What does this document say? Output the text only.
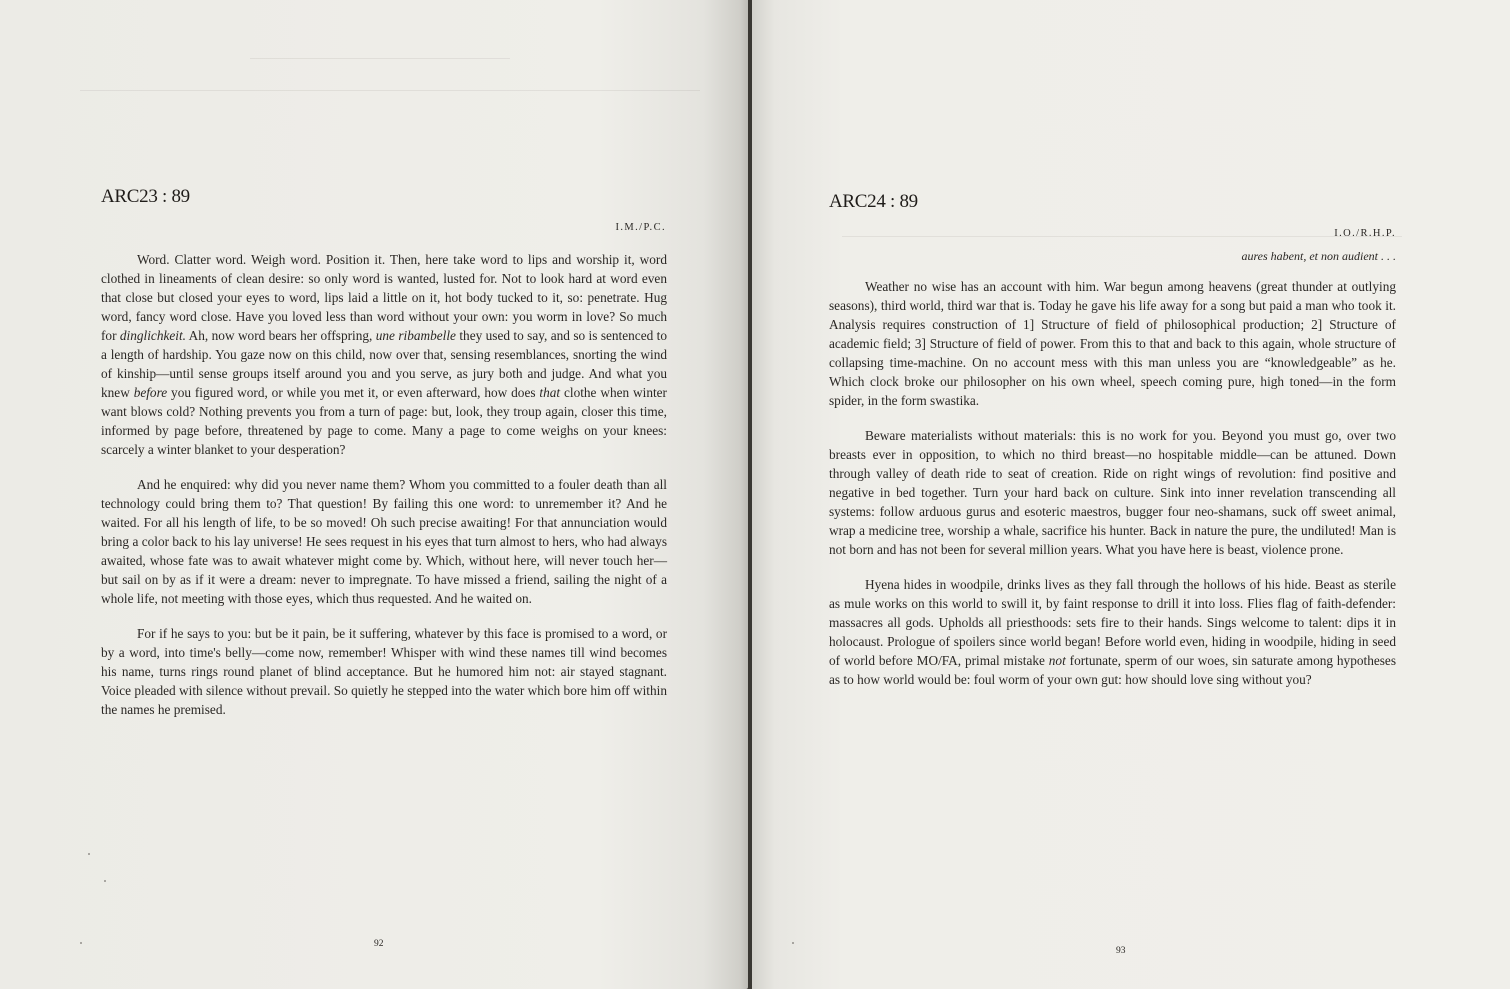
ARC23 : 89
I.M./P.C.

Word. Clatter word. Weigh word. Position it. Then, here take word to lips and worship it, word clothed in lineaments of clean desire: so only word is wanted, lusted for. Not to look hard at word even that close but closed your eyes to word, lips laid a little on it, hot body tucked to it, so: penetrate. Hug word, fancy word close. Have you loved less than word without your own: you worm in love? So much for dinglichkeit. Ah, now word bears her offspring, une ribambelle they used to say, and so is sentenced to a length of hardship. You gaze now on this child, now over that, sensing resemblances, snorting the wind of kinship—until sense groups itself around you and you serve, as jury both and judge. And what you knew before you figured word, or while you met it, or even afterward, how does that clothe when winter want blows cold? Nothing prevents you from a turn of page: but, look, they troup again, closer this time, informed by page before, threatened by page to come. Many a page to come weighs on your knees: scarcely a winter blanket to your desperation?

And he enquired: why did you never name them? Whom you committed to a fouler death than all technology could bring them to? That question! By failing this one word: to unremember it? And he waited. For all his length of life, to be so moved! Oh such precise awaiting! For that annunciation would bring a color back to his lay universe! He sees request in his eyes that turn almost to hers, who had always awaited, whose fate was to await whatever might come by. Which, without here, will never touch her—but sail on by as if it were a dream: never to impregnate. To have missed a friend, sailing the night of a whole life, not meeting with those eyes, which thus requested. And he waited on.

For if he says to you: but be it pain, be it suffering, whatever by this face is promised to a word, or by a word, into time's belly—come now, remember! Whisper with wind these names till wind becomes his name, turns rings round planet of blind acceptance. But he humored him not: air stayed stagnant. Voice pleaded with silence without prevail. So quietly he stepped into the water which bore him off within the names he premised.

92
ARC24 : 89
I.O./R.H.P.
aures habent, et non audient . . .

Weather no wise has an account with him. War begun among heavens (great thunder at outlying seasons), third world, third war that is. Today he gave his life away for a song but paid a man who took it. Analysis requires construction of 1] Structure of field of philosophical production; 2] Structure of academic field; 3] Structure of field of power. From this to that and back to this again, whole structure of collapsing time-machine. On no account mess with this man unless you are “knowledgeable” as he. Which clock broke our philosopher on his own wheel, speech coming pure, high toned—in the form spider, in the form swastika.

Beware materialists without materials: this is no work for you. Beyond you must go, over two breasts ever in opposition, to which no third breast—no hospitable middle—can be attuned. Down through valley of death ride to seat of creation. Ride on right wings of revolution: find positive and negative in bed together. Turn your hard back on culture. Sink into inner revelation transcending all systems: follow arduous gurus and esoteric maestros, bugger four neo-shamans, suck off sweet animal, wrap a medicine tree, worship a whale, sacrifice his hunter. Back in nature the pure, the undiluted! Man is not born and has not been for several million years. What you have here is beast, violence prone.

Hyena hides in woodpile, drinks lives as they fall through the hollows of his hide. Beast as sterile as mule works on this world to swill it, by faint response to drill it into loss. Flies flag of faith-defender: massacres all gods. Upholds all priesthoods: sets fire to their hands. Sings welcome to talent: dips it in holocaust. Prologue of spoilers since world began! Before world even, hiding in woodpile, hiding in seed of world before MO/FA, primal mistake not fortunate, sperm of our woes, sin saturate among hypotheses as to how world would be: foul worm of your own gut: how should love sing without you?

93
